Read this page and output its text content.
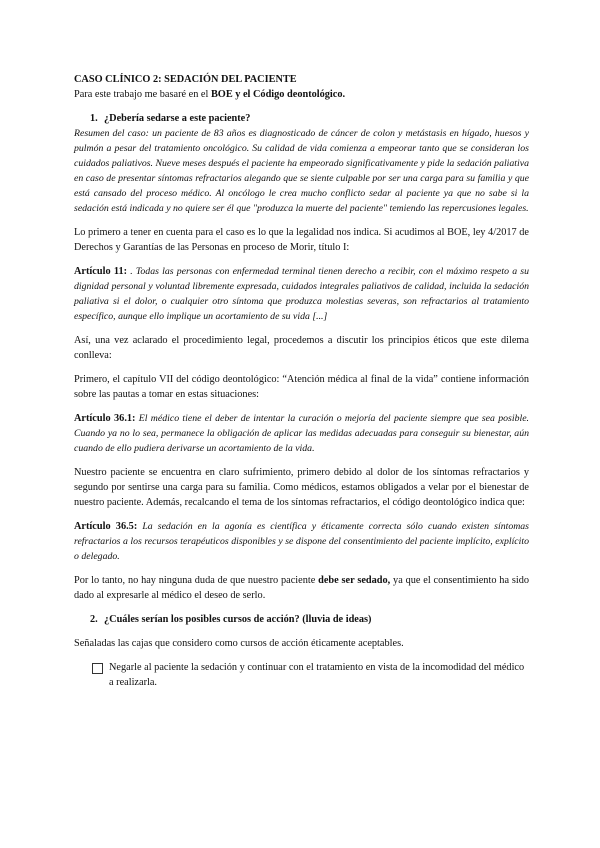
CASO CLÍNICO 2: SEDACIÓN DEL PACIENTE

Para este trabajo me basaré en el BOE y el Código deontológico.

1. ¿Debería sedarse a este paciente?

Resumen del caso: un paciente de 83 años es diagnosticado de cáncer de colon y metástasis en hígado, huesos y pulmón a pesar del tratamiento oncológico. Su calidad de vida comienza a empeorar tanto que se consideran los cuidados paliativos. Nueve meses después el paciente ha empeorado significativamente y pide la sedación paliativa en caso de presentar síntomas refractarios alegando que se siente culpable por ser una carga para su familia y que está cansado del proceso médico. Al oncólogo le crea mucho conflicto sedar al paciente ya que no sabe si la sedación está indicada y no quiere ser él que "produzca la muerte del paciente" temiendo las repercusiones legales.

Lo primero a tener en cuenta para el caso es lo que la legalidad nos indica. Si acudimos al BOE, ley 4/2017 de Derechos y Garantías de las Personas en proceso de Morir, título I:

Artículo 11: . Todas las personas con enfermedad terminal tienen derecho a recibir, con el máximo respeto a su dignidad personal y voluntad libremente expresada, cuidados integrales paliativos de calidad, incluida la sedación paliativa si el dolor, o cualquier otro síntoma que produzca molestias severas, son refractarios al tratamiento específico, aunque ello implique un acortamiento de su vida [...]

Así, una vez aclarado el procedimiento legal, procedemos a discutir los principios éticos que este dilema conlleva:

Primero, el capítulo VII del código deontológico: “Atención médica al final de la vida” contiene información sobre las pautas a tomar en estas situaciones:

Artículo 36.1: El médico tiene el deber de intentar la curación o mejoría del paciente siempre que sea posible. Cuando ya no lo sea, permanece la obligación de aplicar las medidas adecuadas para conseguir su bienestar, aún cuando de ello pudiera derivarse un acortamiento de la vida.

Nuestro paciente se encuentra en claro sufrimiento, primero debido al dolor de los síntomas refractarios y segundo por sentirse una carga para su familia. Como médicos, estamos obligados a velar por el bienestar de nuestro paciente. Además, recalcando el tema de los síntomas refractarios, el código deontológico indica que:

Artículo 36.5: La sedación en la agonía es científica y éticamente correcta sólo cuando existen síntomas refractarios a los recursos terapéuticos disponibles y se dispone del consentimiento del paciente implícito, explícito o delegado.

Por lo tanto, no hay ninguna duda de que nuestro paciente debe ser sedado, ya que el consentimiento ha sido dado al expresarle al médico el deseo de serlo.

2. ¿Cuáles serían los posibles cursos de acción? (lluvia de ideas)

Señaladas las cajas que considero como cursos de acción éticamente aceptables.

Negarle al paciente la sedación y continuar con el tratamiento en vista de la incomodidad del médico a realizarla.
